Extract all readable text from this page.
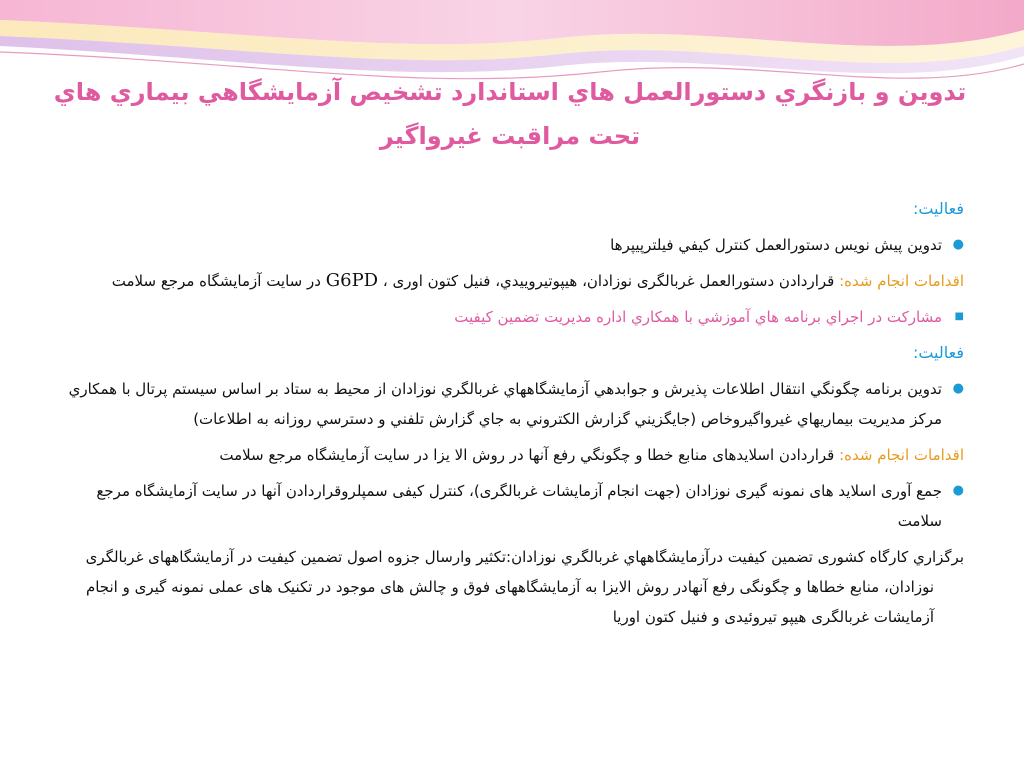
تدوين و بازنگري دستورالعمل هاي استاندارد تشخيص آزمايشگاهي بيماري هاي
تحت مراقبت غيرواگير
فعاليت:
●
تدوين پيش نويس دستورالعمل كنترل كيفي فيلترپيپرها
اقدامات انجام شده: قراردادن دستورالعمل غربالگری نوزادان، هیپوتیروییدي، فنیل کتون اوری ، G6PD در سایت آزمایشگاه مرجع سلامت
■
مشاركت در اجراي برنامه هاي آموزشي با همكاري اداره مديريت تضمين كيفيت
فعاليت:
●
تدوين برنامه چگونگي انتقال اطلاعات پذيرش و جوابدهي آزمايشگاههاي غربالگري نوزادان از محيط به ستاد بر اساس سيستم پرتال با همكاري مركز مديريت بيماريهاي غيرواگيروخاص (جايگزيني گزارش الكتروني به جاي گزارش تلفني و دسترسي روزانه به اطلاعات)
اقدامات انجام شده: قراردادن اسلایدهای منابع خطا و چگونگي رفع آنها در روش الا یزا در سایت آزمایشگاه مرجع سلامت
●
جمع آوری اسلاید های نمونه گیری نوزادان (جهت انجام آزمایشات غربالگری)، کنترل کیفی سمپلروقراردادن آنها در سایت آزمایشگاه مرجع سلامت
برگزاري كارگاه کشوری تضمین کیفیت درآزمايشگاههاي غربالگري نوزادان:تكثير وارسال جزوه اصول تضمین کیفیت در آزمایشگاههای غربالگری نوزادان، منابع خطاها و چگونگی رفع آنهادر روش الایزا به آزمایشگاههای فوق و چالش های موجود در تکنیک های عملی نمونه گیری و انجام آزمایشات غربالگری هیپو تیروئیدی و فنیل کتون اوریا
